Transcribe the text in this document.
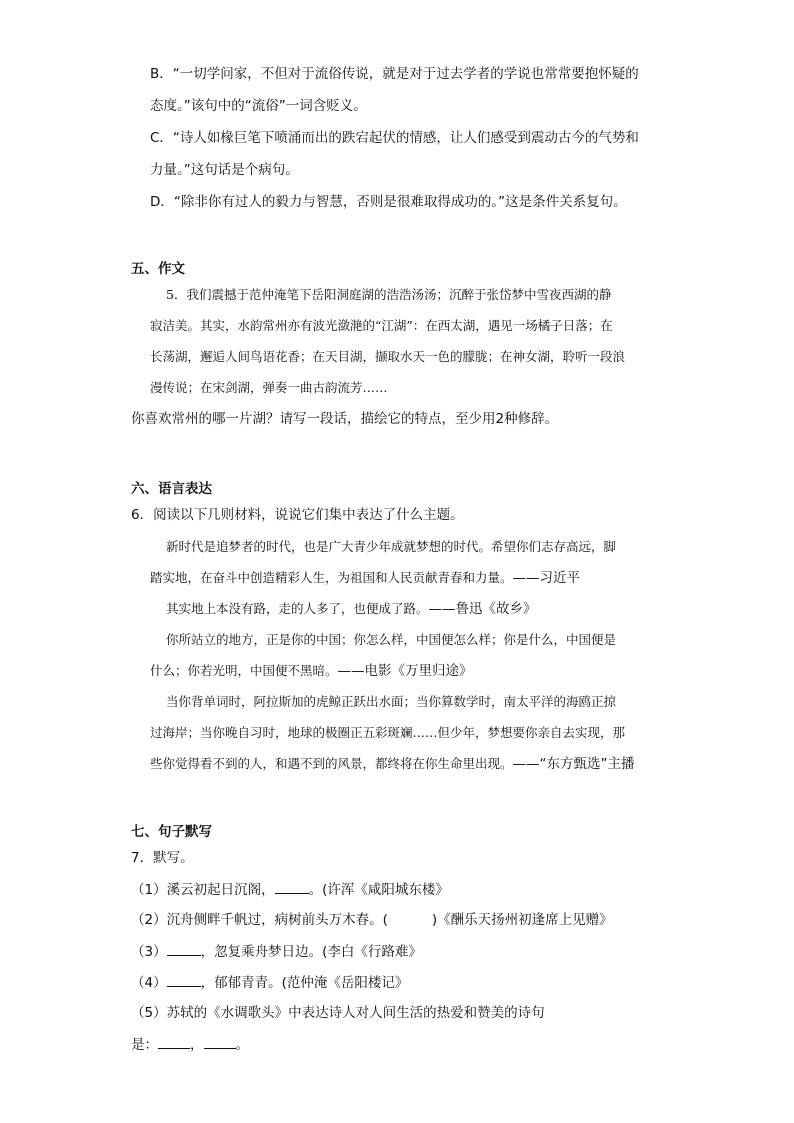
B．“一切学问家，不但对于流俗传说，就是对于过去学者的学说也常常要抱怀疑的
态度。”该句中的“流俗”一词含贬义。
C．“诗人如椽巨笔下喷涌而出的跌宕起伏的情感，让人们感受到震动古今的气势和
力量。”这句话是个病句。
D．“除非你有过人的毅力与智慧，否则是很难取得成功的。”这是条件关系复句。
五、作文
5．我们震撼于范仲淹笔下岳阳洞庭湖的浩浩汤汤；沉醉于张岱梦中雪夜西湖的静
寂洁美。其实，水韵常州亦有波光潋滟的“江湖”：在西太湖，遇见一场橘子日落；在
长荡湖，邂逅人间鸟语花香；在天目湖，撷取水天一色的朦胧；在神女湖，聆听一段浪
漫传说；在宋剑湖，弹奏一曲古韵流芳……
你喜欢常州的哪一片湖？请写一段话，描绘它的特点，至少用2种修辞。
六、语言表达
6．阅读以下几则材料，说说它们集中表达了什么主题。
新时代是追梦者的时代，也是广大青少年成就梦想的时代。希望你们志存高远，脚
踏实地，在奋斗中创造精彩人生，为祖国和人民贡献青春和力量。——习近平
其实地上本没有路，走的人多了，也便成了路。——鲁迅《故乡》
你所站立的地方，正是你的中国；你怎么样，中国便怎么样；你是什么，中国便是
什么；你若光明，中国便不黑暗。——电影《万里归途》
当你背单词时，阿拉斯加的虎鲸正跃出水面；当你算数学时，南太平洋的海鸥正掠
过海岸；当你晚自习时，地球的极圈正五彩斑斓……但少年，梦想要你亲自去实现，那
些你觉得看不到的人，和遇不到的风景，都终将在你生命里出现。——“东方甄选”主播
七、句子默写
7．默写。
（1）溪云初起日沉阁，	。(许浑《咸阳城东楼》
（2）沉舟侧畔千帆过，病树前头万木春。(	)《酬乐天扬州初逢席上见赠》
（3）	，忽复乘舟梦日边。(李白《行路难》
（4）	，郁郁青青。(范仲淹《岳阳楼记》
（5）苏轼的《水调歌头》中表达诗人对人间生活的热爱和赞美的诗句
是： ， 。
